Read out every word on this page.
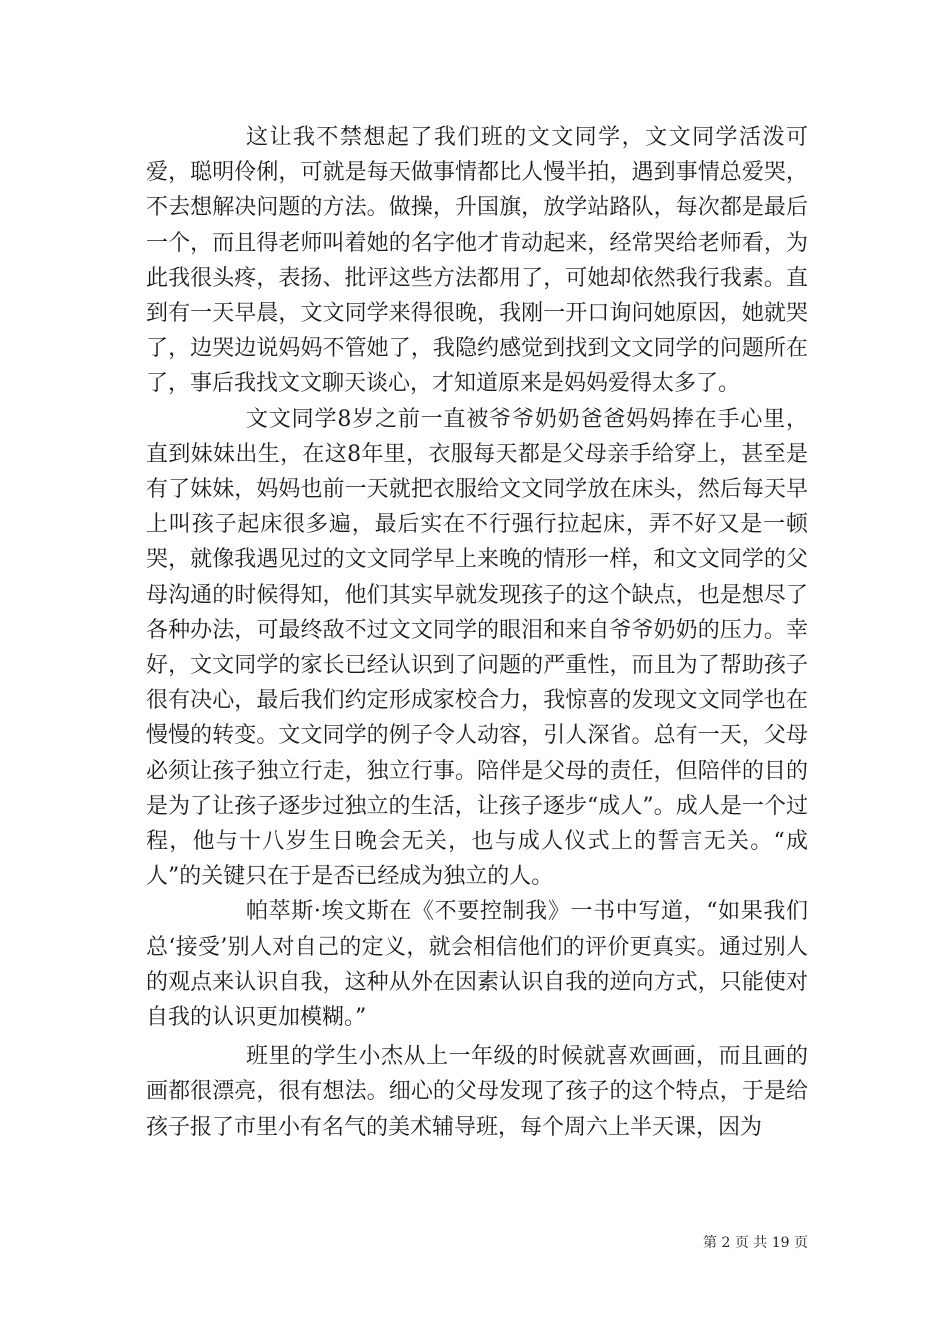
这让我不禁想起了我们班的文文同学，文文同学活泼可爱，聪明伶俐，可就是每天做事情都比人慢半拍，遇到事情总爱哭，不去想解决问题的方法。做操，升国旗，放学站路队，每次都是最后一个，而且得老师叫着她的名字他才肯动起来，经常哭给老师看，为此我很头疼，表扬、批评这些方法都用了，可她却依然我行我素。直到有一天早晨，文文同学来得很晚，我刚一开口询问她原因，她就哭了，边哭边说妈妈不管她了，我隐约感觉到找到文文同学的问题所在了，事后我找文文聊天谈心，才知道原来是妈妈爱得太多了。

文文同学8岁之前一直被爷爷奶奶爸爸妈妈捧在手心里，直到妹妹出生，在这8年里，衣服每天都是父母亲手给穿上，甚至是有了妹妹，妈妈也前一天就把衣服给文文同学放在床头，然后每天早上叫孩子起床很多遍，最后实在不行强行拉起床，弄不好又是一顿哭，就像我遇见过的文文同学早上来晚的情形一样，和文文同学的父母沟通的时候得知，他们其实早就发现孩子的这个缺点，也是想尽了各种办法，可最终敌不过文文同学的眼泪和来自爷爷奶奶的压力。幸好，文文同学的家长已经认识到了问题的严重性，而且为了帮助孩子很有决心，最后我们约定形成家校合力，我惊喜的发现文文同学也在慢慢的转变。文文同学的例子令人动容，引人深省。总有一天，父母必须让孩子独立行走，独立行事。陪伴是父母的责任，但陪伴的目的是为了让孩子逐步过独立的生活，让孩子逐步“成人”。成人是一个过程，他与十八岁生日晚会无关，也与成人仪式上的誓言无关。“成人”的关键只在于是否已经成为独立的人。

帕萃斯·埃文斯在《不要控制我》一书中写道，“如果我们总‘接受’别人对自己的定义，就会相信他们的评价更真实。通过别人的观点来认识自我，这种从外在因素认识自我的逆向方式，只能使对自我的认识更加模糊。”

班里的学生小杰从上一年级的时候就喜欢画画，而且画的画都很漂亮，很有想法。细心的父母发现了孩子的这个特点，于是给孩子报了市里小有名气的美术辅导班，每个周六上半天课，因为

第 2 页 共 19 页
